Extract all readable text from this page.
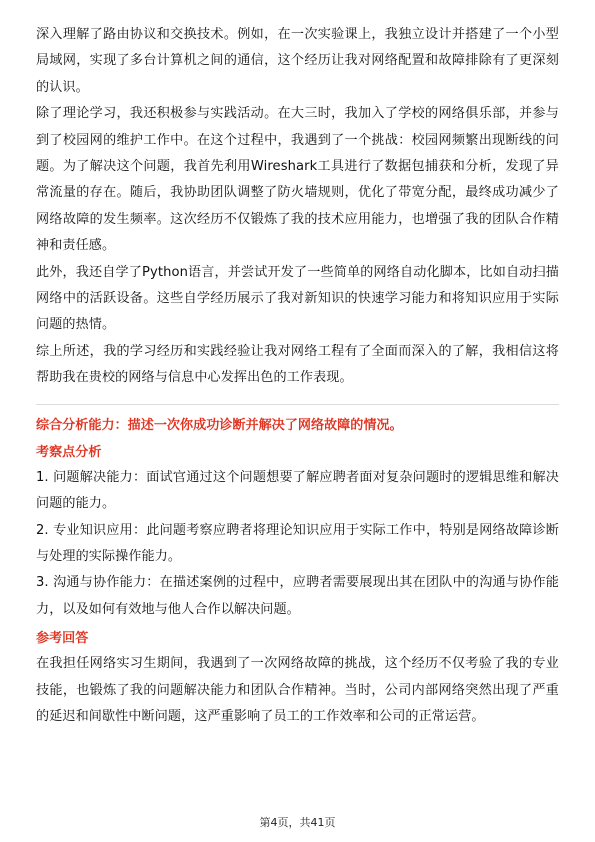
深入理解了路由协议和交换技术。例如，在一次实验课上，我独立设计并搭建了一个小型局域网，实现了多台计算机之间的通信，这个经历让我对网络配置和故障排除有了更深刻的认识。

除了理论学习，我还积极参与实践活动。在大三时，我加入了学校的网络俱乐部，并参与到了校园网的维护工作中。在这个过程中，我遇到了一个挑战：校园网频繁出现断线的问题。为了解决这个问题，我首先利用Wireshark工具进行了数据包捕获和分析，发现了异常流量的存在。随后，我协助团队调整了防火墙规则，优化了带宽分配，最终成功减少了网络故障的发生频率。这次经历不仅锻炼了我的技术应用能力，也增强了我的团队合作精神和责任感。

此外，我还自学了Python语言，并尝试开发了一些简单的网络自动化脚本，比如自动扫描网络中的活跃设备。这些自学经历展示了我对新知识的快速学习能力和将知识应用于实际问题的热情。

综上所述，我的学习经历和实践经验让我对网络工程有了全面而深入的了解，我相信这将帮助我在贵校的网络与信息中心发挥出色的工作表现。

综合分析能力：描述一次你成功诊断并解决了网络故障的情况。

考察点分析

1. 问题解决能力：面试官通过这个问题想要了解应聘者面对复杂问题时的逻辑思维和解决问题的能力。

2. 专业知识应用：此问题考察应聘者将理论知识应用于实际工作中，特别是网络故障诊断与处理的实际操作能力。

3. 沟通与协作能力：在描述案例的过程中，应聘者需要展现出其在团队中的沟通与协作能力，以及如何有效地与他人合作以解决问题。

参考回答

在我担任网络实习生期间，我遇到了一次网络故障的挑战，这个经历不仅考验了我的专业技能，也锻炼了我的问题解决能力和团队合作精神。当时，公司内部网络突然出现了严重的延迟和间歇性中断问题，这严重影响了员工的工作效率和公司的正常运营。

第4页，共41页
